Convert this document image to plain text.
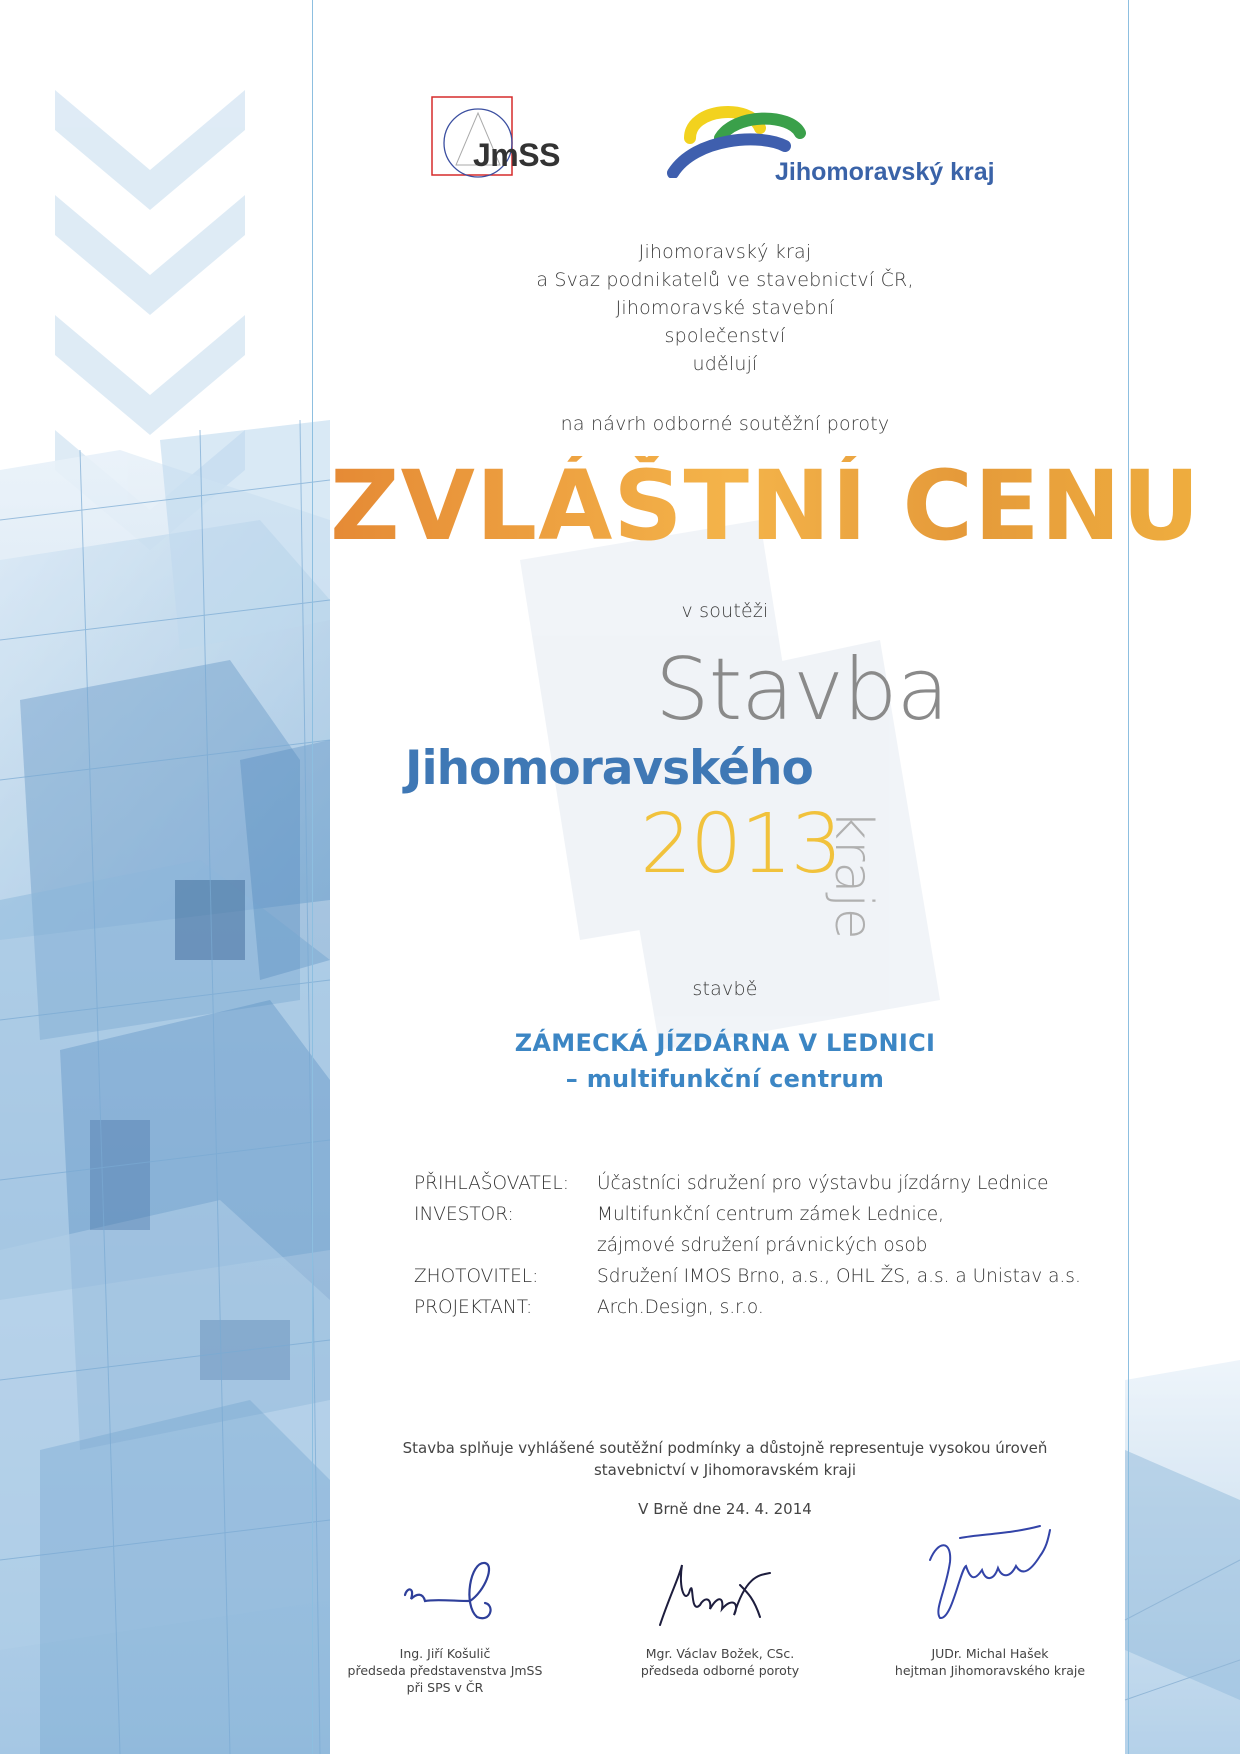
JmSS	Jihomoravský kraj
Jihomoravský kraj
a Svaz podnikatelů ve stavebnictví ČR,
Jihomoravské stavební
společenství
udělují
na návrh odborné soutěžní poroty
ZVLÁŠTNÍ CENU
v soutěži
Stavba
Jihomoravského
2013
kraje
stavbě
ZÁMECKÁ JÍZDÁRNA V LEDNICI
– multifunkční centrum
PŘIHLAŠOVATEL:	Účastníci sdružení pro výstavbu jízdárny Lednice
INVESTOR:	Multifunkční centrum zámek Lednice,
zájmové sdružení právnických osob
ZHOTOVITEL:	Sdružení IMOS Brno, a.s., OHL ŽS, a.s. a Unistav a.s.
PROJEKTANT:	Arch.Design, s.r.o.
Stavba splňuje vyhlášené soutěžní podmínky a důstojně representuje vysokou úroveň
stavebnictví v Jihomoravském kraji
V Brně dne 24. 4. 2014
Ing. Jiří Košulič
předseda představenstva JmSS
při SPS v ČR
Mgr. Václav Božek, CSc.
předseda odborné poroty
JUDr. Michal Hašek
hejtman Jihomoravského kraje
